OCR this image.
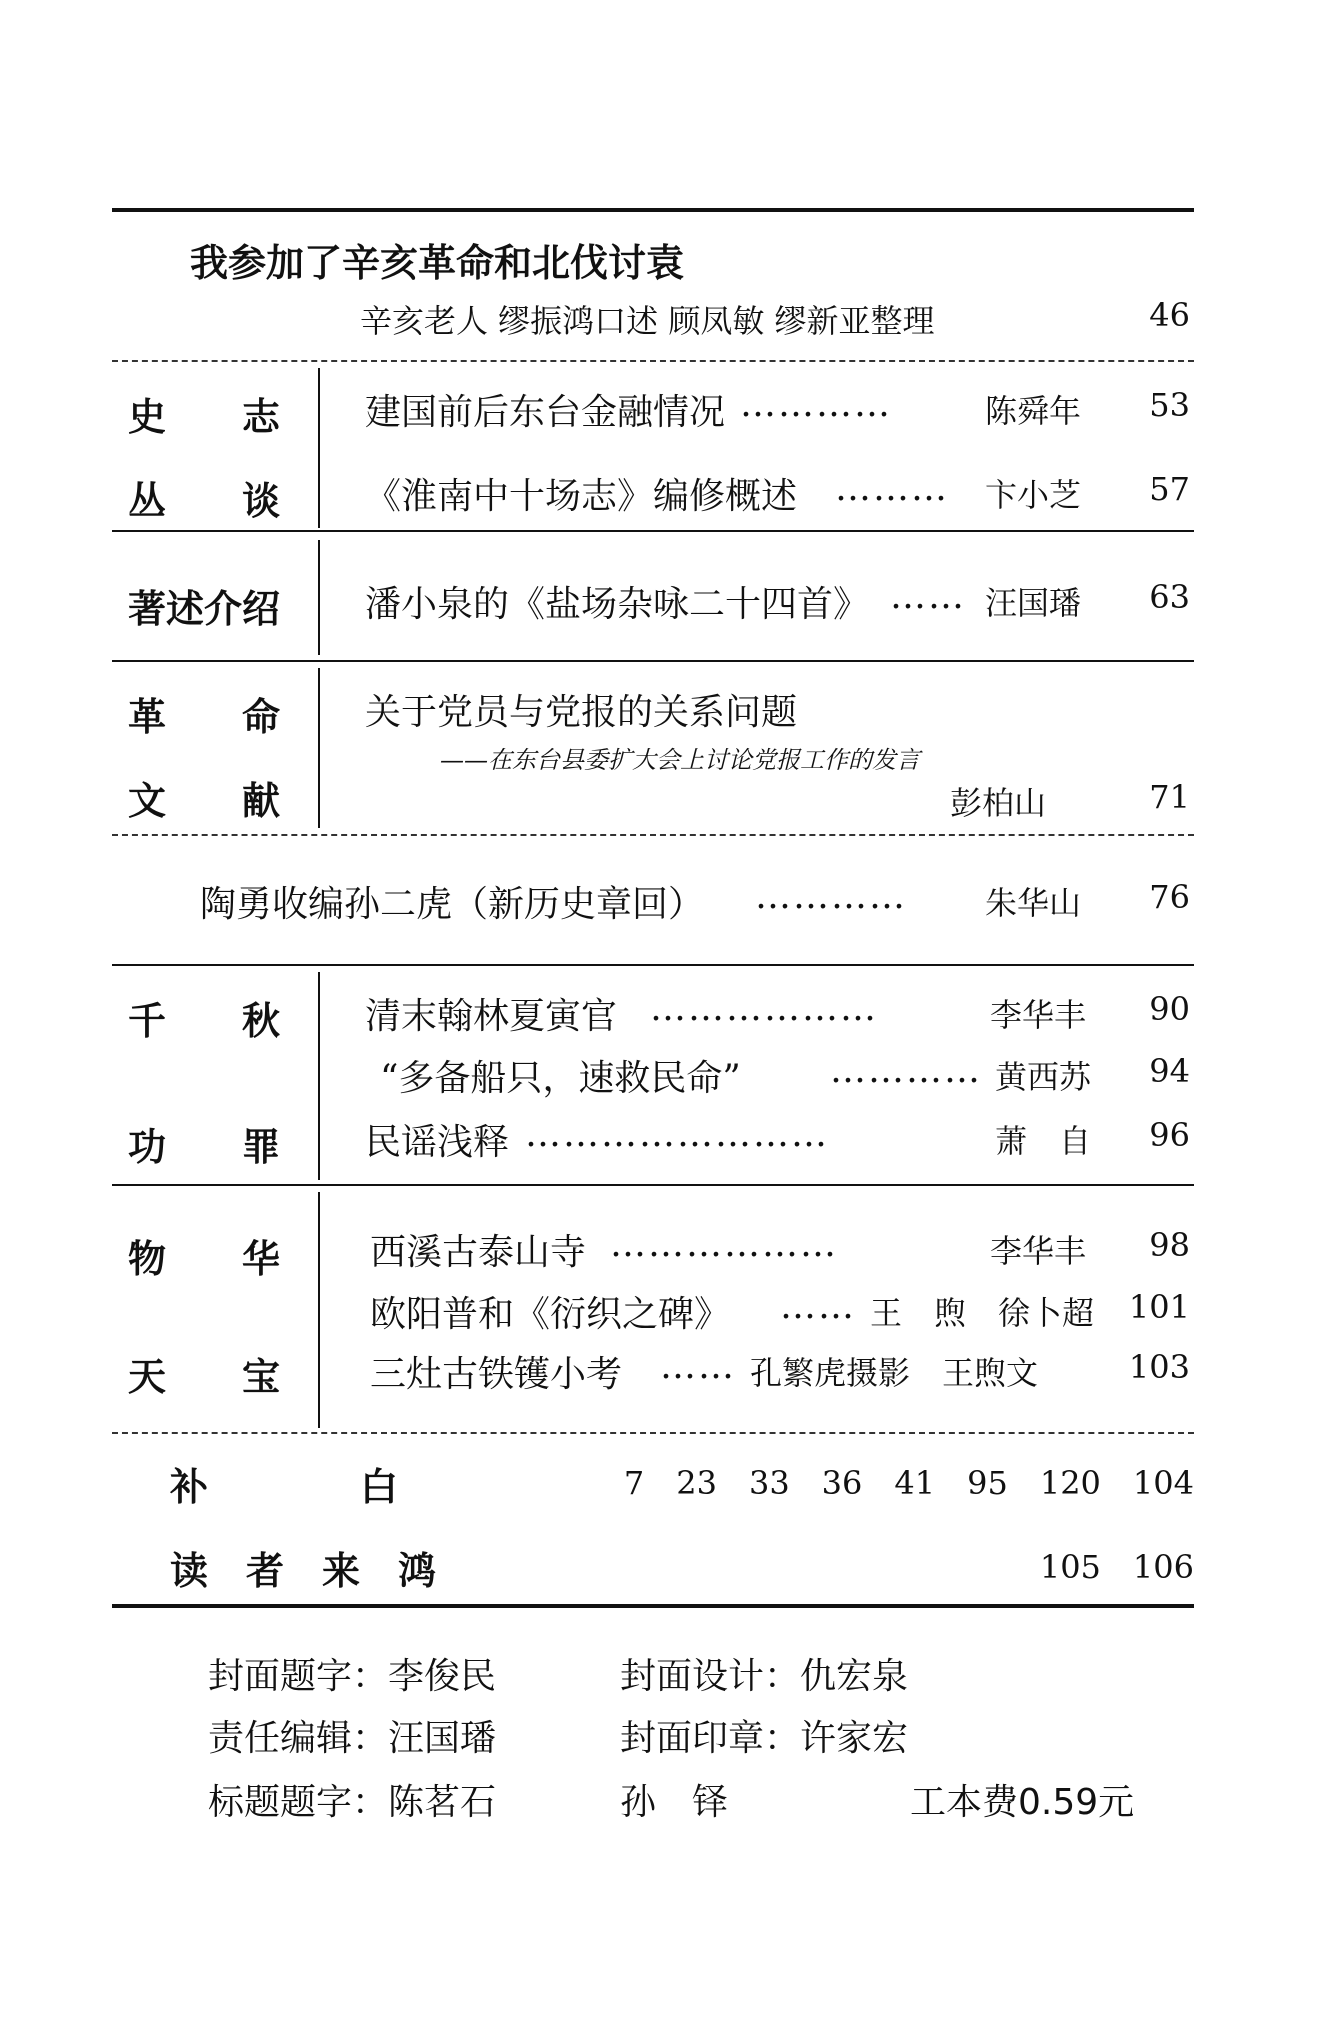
我参加了辛亥革命和北伐讨袁
辛亥老人 缪振鸿口述 顾凤敏 缪新亚整理	46
史　　志
丛　　谈
建国前后东台金融情况 …………	陈舜年	53
《淮南中十场志》编修概述 ……… 卞小芝	57
著述介绍 潘小泉的《盐场杂咏二十四首》 …… 汪国璠	63
革　　命
文　　献
关于党员与党报的关系问题
——在东台县委扩大会上讨论党报工作的发言
彭柏山	71
陶勇收编孙二虎（新历史章回） ………… 朱华山	76
千　　秋
功　　罪
清末翰林夏寅官 ………………	李华丰	90
“多备船只，速救民命” ………… 黄西苏	94
民谣浅释 ……………………	萧　自	96
物　　华
天　　宝
西溪古泰山寺 ………………	李华丰	98
欧阳普和《衍织之碑》 …… 王　煦　徐卜超	101
三灶古铁镬小考 …… 孔繁虎摄影　王煦文	103
补　　　　白	7　23　33　36　41　95　120　104
读　者　来　鸿	105　106
封面题字：李俊民	封面设计：仇宏泉
责任编辑：汪国璠	封面印章：许家宏
标题题字：陈茗石	孙　铎	工本费0.59元
